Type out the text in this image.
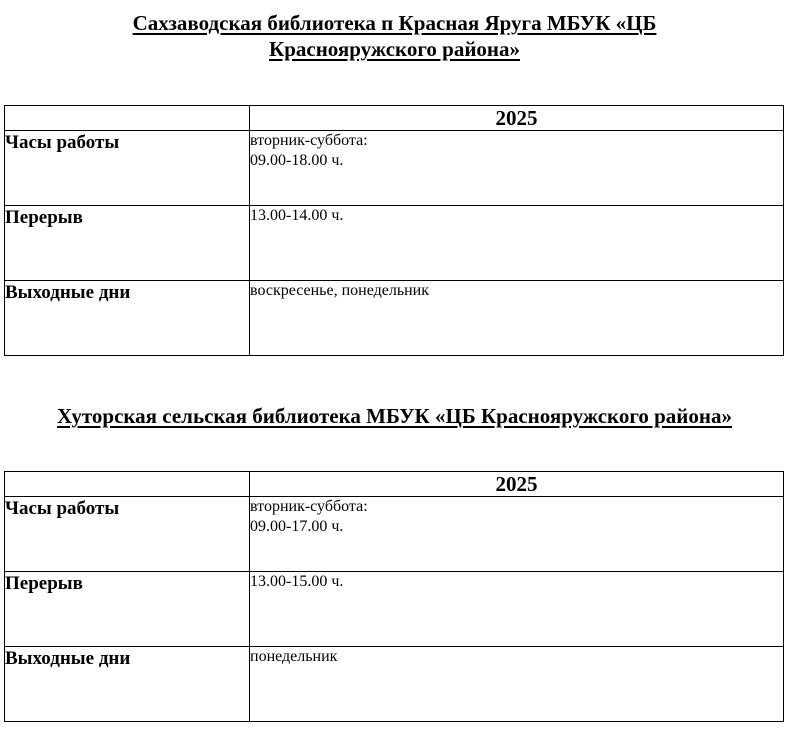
Сахзаводская библиотека п Красная Яруга МБУК «ЦБ
Краснояружского района»
	2025
Часы работы	вторник-суббота:
09.00-18.00 ч.

Перерыв	13.00-14.00 ч.

Выходные дни	воскресенье, понедельник
Хуторская сельская библиотека МБУК «ЦБ Краснояружского района»
	2025
Часы работы	вторник-суббота:
09.00-17.00 ч.

Перерыв	13.00-15.00 ч.

Выходные дни	понедельник
